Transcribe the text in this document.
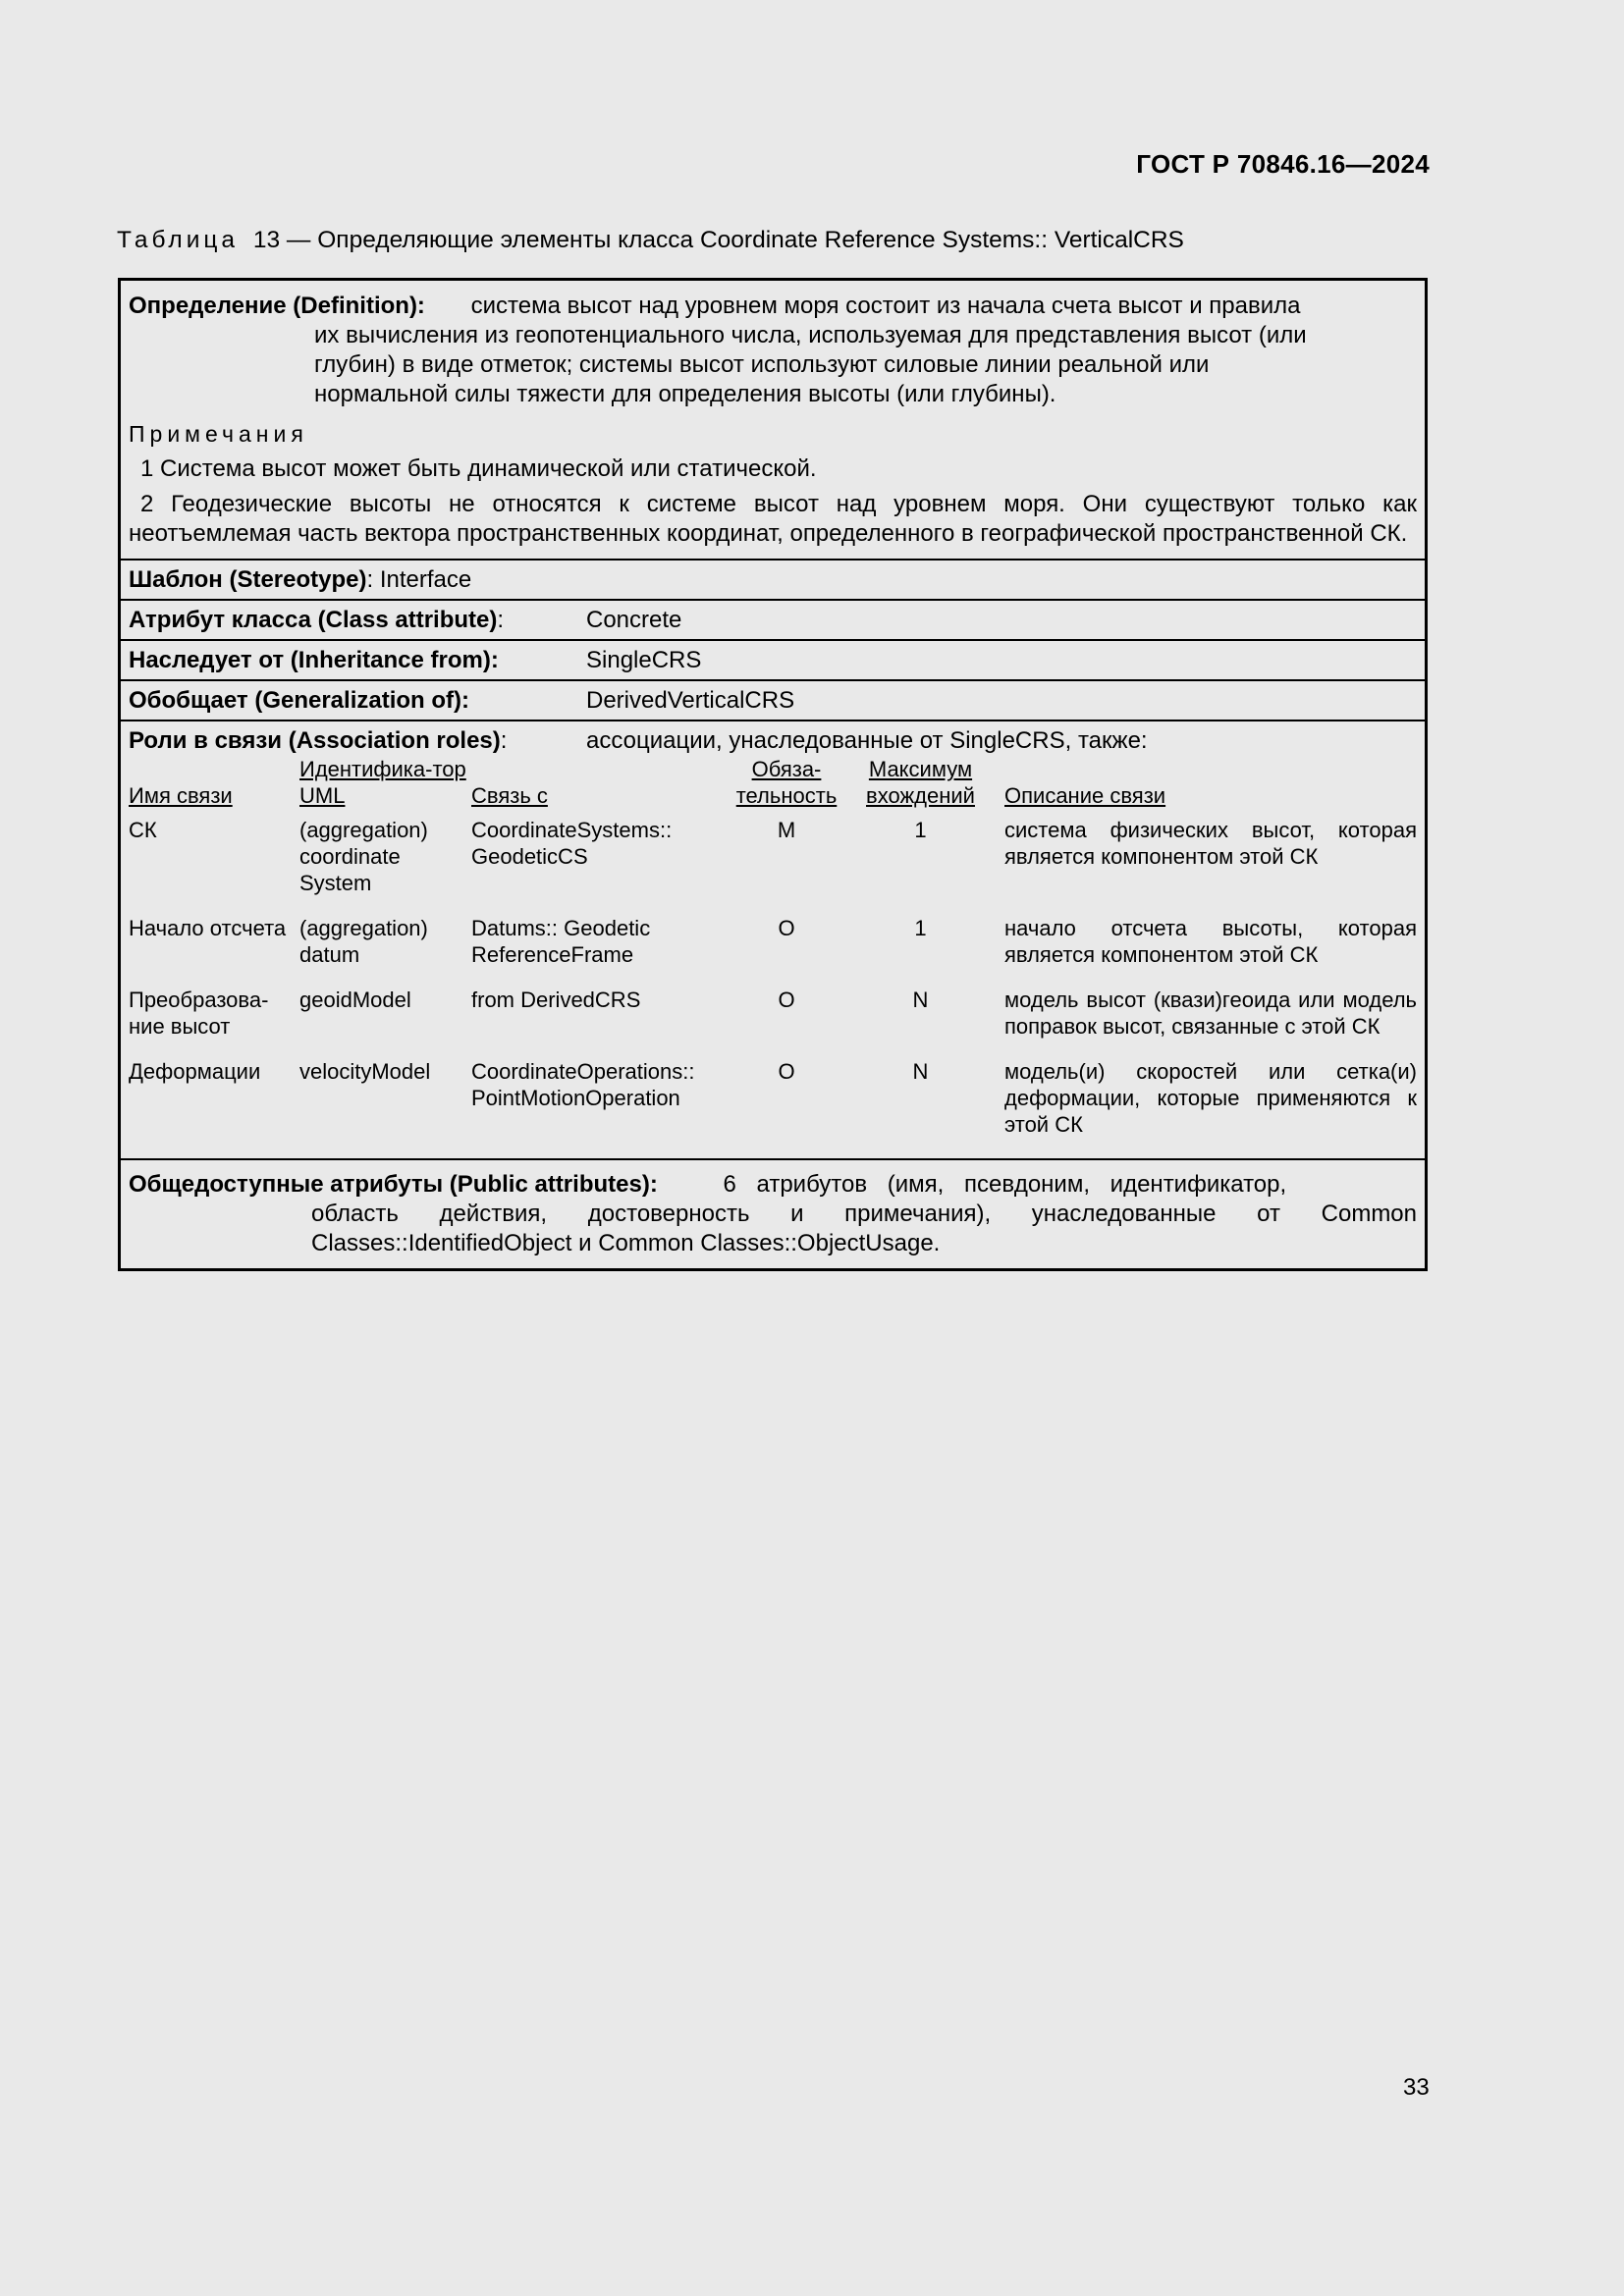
ГОСТ Р 70846.16—2024
Таблица 13 — Определяющие элементы класса Coordinate Reference Systems:: VerticalCRS
Определение (Definition): система высот над уровнем моря состоит из начала счета высот и правила
их вычисления из геопотенциального числа, используемая для представления высот (или
глубин) в виде отметок; системы высот используют силовые линии реальной или
нормальной силы тяжести для определения высоты (или глубины).
Примечания
1 Система высот может быть динамической или статической.
2 Геодезические высоты не относятся к системе высот над уровнем моря. Они существуют только как неотъемлемая часть вектора пространственных координат, определенного в географической пространственной СК.
Шаблон (Stereotype) : Interface
Атрибут класса (Class attribute):	Concrete
Наследует от (Inheritance from):	SingleCRS
Обобщает (Generalization of):	DerivedVerticalCRS
Роли в связи (Association roles):	ассоциации, унаследованные от SingleCRS, также:
Имя связи	Идентифика-тор UML	Связь с	Обяза-тельность	Максимум вхождений	Описание связи
СК	(aggregation) coordinate System	CoordinateSystems:: GeodeticCS	M	1	система физических высот, которая является компонентом этой СК
Начало отсчета	(aggregation) datum	Datums:: Geodetic ReferenceFrame	O	1	начало отсчета высоты, которая является компонентом этой СК
Преобразова-ние высот	geoidModel	from DerivedCRS	O	N	модель высот (квази)геоида или модель поправок высот, связанные с этой СК
Деформации	velocityModel	CoordinateOperations:: PointMotionOperation	O	N	модель(и) скоростей или сетка(и) деформации, которые применяются к этой СК
Общедоступные атрибуты (Public attributes):	6 атрибутов (имя, псевдоним, идентификатор,
область действия, достоверность и примечания), унаследованные от Common Classes::IdentifiedObject и Common Classes::ObjectUsage.
33
